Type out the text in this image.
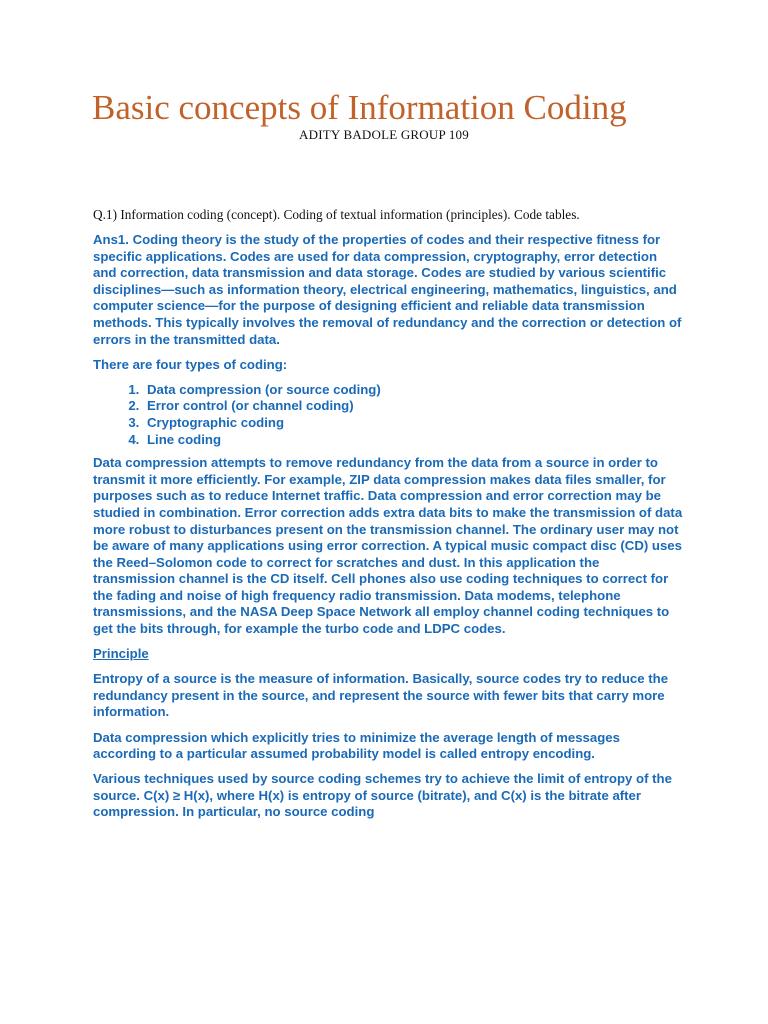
Basic concepts of Information Coding
ADITY BADOLE GROUP 109

Q.1) Information coding (concept). Coding of textual information (principles). Code tables.

Ans1. Coding theory is the study of the properties of codes and their respective fitness for specific applications. Codes are used for data compression, cryptography, error detection and correction, data transmission and data storage. Codes are studied by various scientific disciplines—such as information theory, electrical engineering, mathematics, linguistics, and computer science—for the purpose of designing efficient and reliable data transmission methods. This typically involves the removal of redundancy and the correction or detection of errors in the transmitted data.

There are four types of coding:

1. Data compression (or source coding)
2. Error control (or channel coding)
3. Cryptographic coding
4. Line coding

Data compression attempts to remove redundancy from the data from a source in order to transmit it more efficiently. For example, ZIP data compression makes data files smaller, for purposes such as to reduce Internet traffic. Data compression and error correction may be studied in combination. Error correction adds extra data bits to make the transmission of data more robust to disturbances present on the transmission channel. The ordinary user may not be aware of many applications using error correction. A typical music compact disc (CD) uses the Reed–Solomon code to correct for scratches and dust. In this application the transmission channel is the CD itself. Cell phones also use coding techniques to correct for the fading and noise of high frequency radio transmission. Data modems, telephone transmissions, and the NASA Deep Space Network all employ channel coding techniques to get the bits through, for example the turbo code and LDPC codes.

Principle

Entropy of a source is the measure of information. Basically, source codes try to reduce the redundancy present in the source, and represent the source with fewer bits that carry more information.

Data compression which explicitly tries to minimize the average length of messages according to a particular assumed probability model is called entropy encoding.

Various techniques used by source coding schemes try to achieve the limit of entropy of the source. C(x) ≥ H(x), where H(x) is entropy of source (bitrate), and C(x) is the bitrate after compression. In particular, no source coding
